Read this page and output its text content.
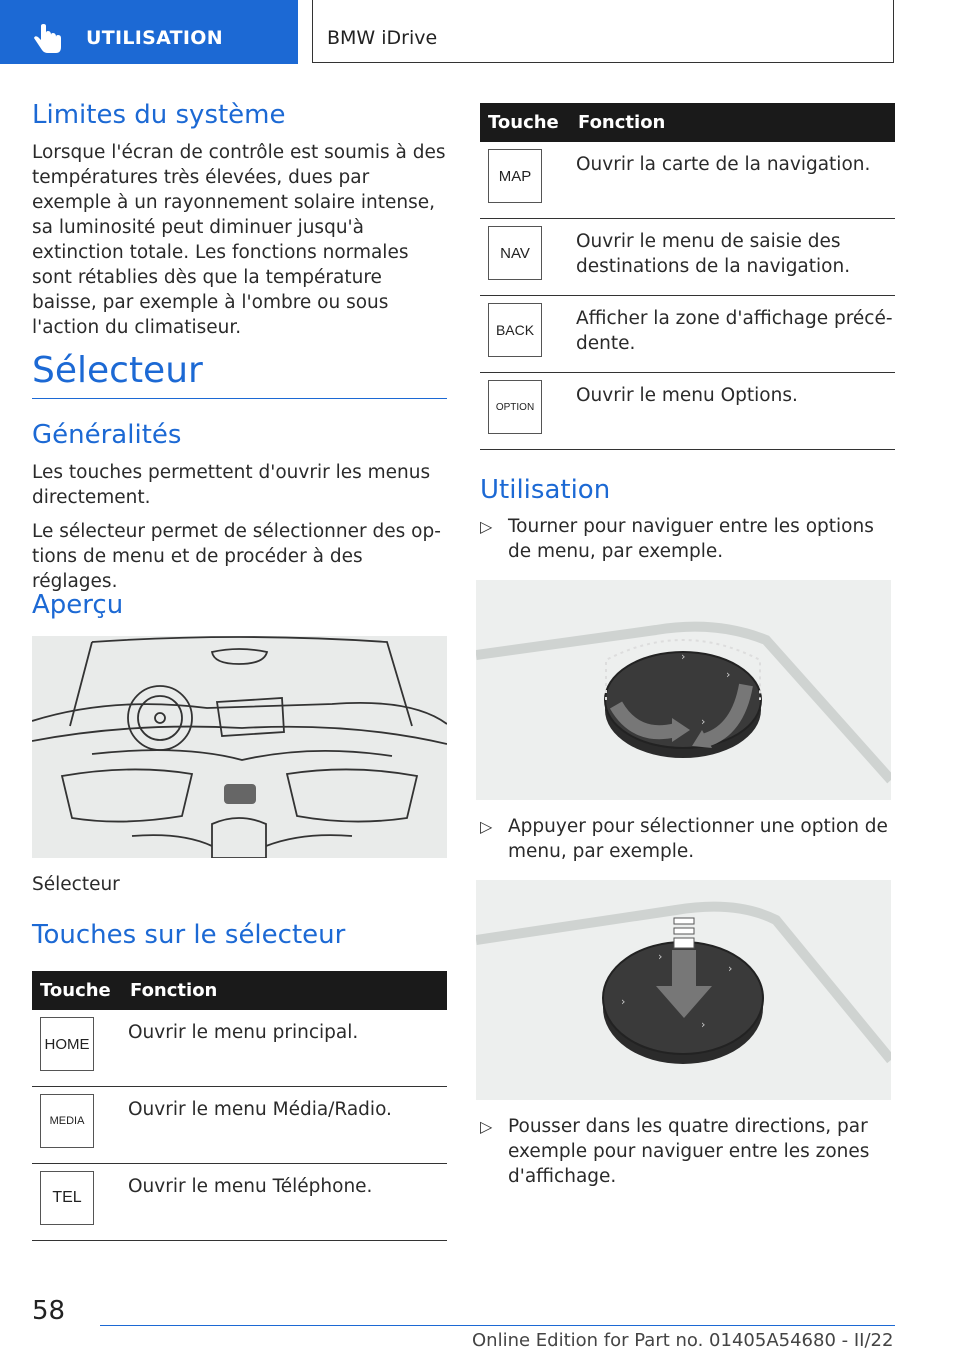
UTILISATION	BMW iDrive
Limites du système
Lorsque l'écran de contrôle est soumis à des températures très élevées, dues par exemple à un rayonnement solaire intense, sa luminosité peut diminuer jusqu'à extinction totale. Les fonctions normales sont rétablies dès que la température baisse, par exemple à l'ombre ou sous l'action du climatiseur.
Sélecteur
Généralités
Les touches permettent d'ouvrir les menus directement.
Le sélecteur permet de sélectionner des options de menu et de procéder à des réglages.
Aperçu
Sélecteur
Touches sur le sélecteur
Touche	Fonction

HOME	Ouvrir le menu principal.

MEDIA	Ouvrir le menu Média/Radio.

TEL	Ouvrir le menu Téléphone.
Touche	Fonction

MAP	Ouvrir la carte de la navigation.

NAV	Ouvrir le menu de saisie des destinations de la navigation.

BACK	Afficher la zone d'affichage précédente.

OPTION	Ouvrir le menu Options.
Utilisation
▷ Tourner pour naviguer entre les options de menu, par exemple.
›
›
›
▷ Appuyer pour sélectionner une option de menu, par exemple.
›
›
›
›
▷ Pousser dans les quatre directions, par exemple pour naviguer entre les zones d'affichage.
58
Online Edition for Part no. 01405A54680 - II/22
